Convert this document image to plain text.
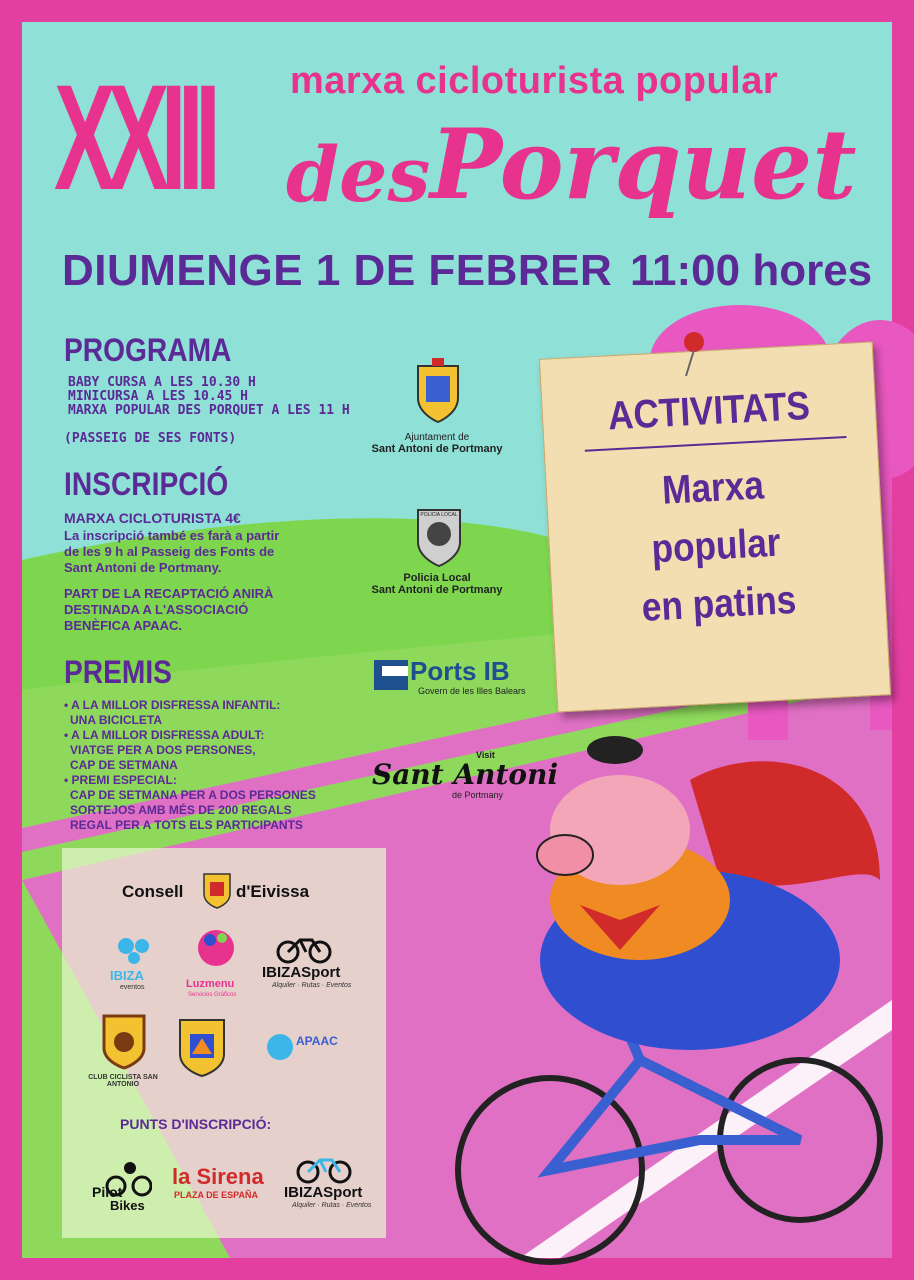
XXIII marxa cicloturista popular
des Porquet
DIUMENGE 1 DE FEBRER 11:00 hores
PROGRAMA
BABY CURSA A LES 10.30 H
MINICURSA A LES 10.45 H
MARXA POPULAR DES PORQUET A LES 11 H
(PASSEIG DE SES FONTS)
INSCRIPCIÓ
MARXA CICLOTURISTA 4€
La inscripció també es farà a partir
de les 9 h al Passeig des Fonts de
Sant Antoni de Portmany.
PART DE LA RECAPTACIÓ ANIRÀ
DESTINADA A L'ASSOCIACIÓ
BENÈFICA APAAC.
PREMIS
• A LA MILLOR DISFRESSA INFANTIL:
UNA BICICLETA
• A LA MILLOR DISFRESSA ADULT:
VIATGE PER A DOS PERSONES,
CAP DE SETMANA
• PREMI ESPECIAL:
CAP DE SETMANA PER A DOS PERSONES
SORTEJOS AMB MÉS DE 200 REGALS
REGAL PER A TOTS ELS PARTICIPANTS
Ajuntament de
Sant Antoni de Portmany
POLICIA LOCAL
Policia Local
Sant Antoni de Portmany
Ports IB
Govern de les Illes Balears
Visit
Sant Antoni
de Portmany
ACTIVITATS
Marxa
popular
en patins
Consell	d'Eivissa
IBIZA
eventos	Luzmenu
Servicios Gráficos
IBIZASport
Alquiler · Rutas · Eventos
CLUB CICLISTA SAN ANTONIO
APAAC
PUNTS D'INSCRIPCIÓ:
Pilot
Bikes
la Sirena
PLAZA DE ESPAÑA IBIZASport
Alquiler · Rutas · Eventos
